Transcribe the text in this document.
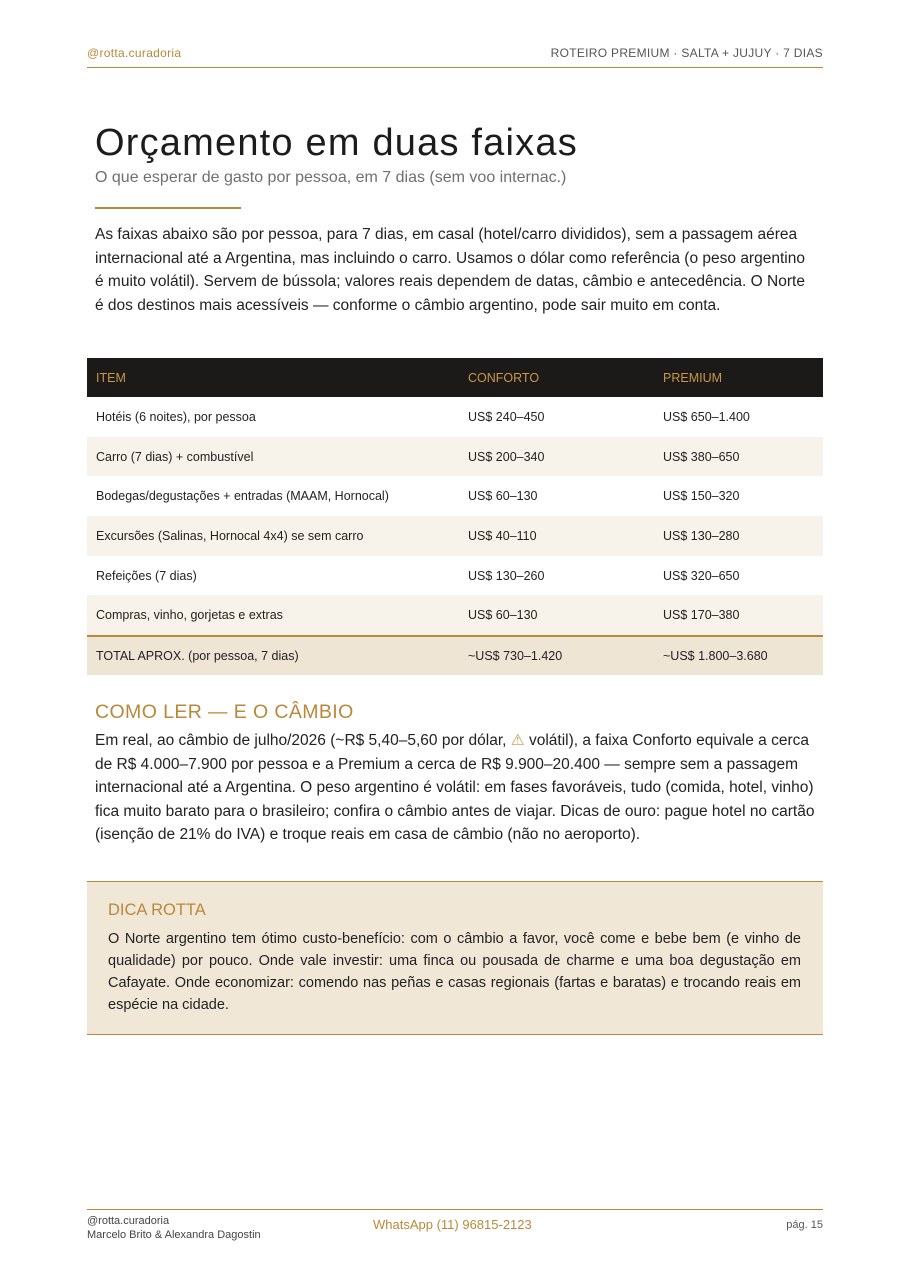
@rotta.curadoria	ROTEIRO PREMIUM · SALTA + JUJUY · 7 DIAS
Orçamento em duas faixas

O que esperar de gasto por pessoa, em 7 dias (sem voo internac.)

As faixas abaixo são por pessoa, para 7 dias, em casal (hotel/carro divididos), sem a passagem aérea internacional até a Argentina, mas incluindo o carro. Usamos o dólar como referência (o peso argentino é muito volátil). Servem de bússola; valores reais dependem de datas, câmbio e antecedência. O Norte é dos destinos mais acessíveis — conforme o câmbio argentino, pode sair muito em conta.

ITEM	CONFORTO	PREMIUM
Hotéis (6 noites), por pessoa	US$ 240–450	US$ 650–1.400
Carro (7 dias) + combustível	US$ 200–340	US$ 380–650
Bodegas/degustações + entradas (MAAM, Hornocal)	US$ 60–130	US$ 150–320
Excursões (Salinas, Hornocal 4x4) se sem carro	US$ 40–110	US$ 130–280
Refeições (7 dias)	US$ 130–260	US$ 320–650
Compras, vinho, gorjetas e extras	US$ 60–130	US$ 170–380
TOTAL APROX. (por pessoa, 7 dias)	~US$ 730–1.420	~US$ 1.800–3.680
COMO LER — E O CÂMBIO

Em real, ao câmbio de julho/2026 (~R$ 5,40–5,60 por dólar, ⚠ volátil), a faixa Conforto equivale a cerca de R$ 4.000–7.900 por pessoa e a Premium a cerca de R$ 9.900–20.400 — sempre sem a passagem internacional até a Argentina. O peso argentino é volátil: em fases favoráveis, tudo (comida, hotel, vinho) fica muito barato para o brasileiro; confira o câmbio antes de viajar. Dicas de ouro: pague hotel no cartão (isenção de 21% do IVA) e troque reais em casa de câmbio (não no aeroporto).

DICA ROTTA

O Norte argentino tem ótimo custo-benefício: com o câmbio a favor, você come e bebe bem (e vinho de qualidade) por pouco. Onde vale investir: uma finca ou pousada de charme e uma boa degustação em Cafayate. Onde economizar: comendo nas peñas e casas regionais (fartas e baratas) e trocando reais em espécie na cidade.

@rotta.curadoria
Marcelo Brito & Alexandra Dagostin
WhatsApp (11) 96815-2123	pág. 15
